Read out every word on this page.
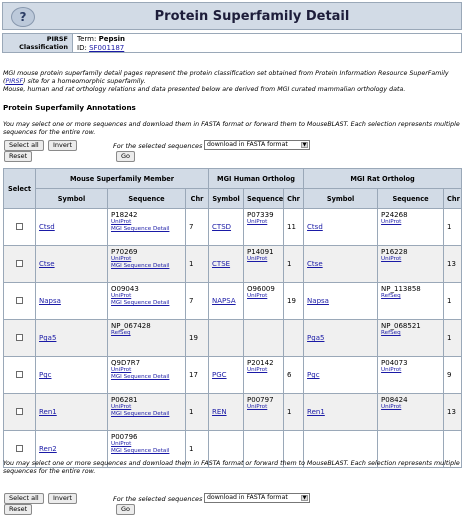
?	Protein Superfamily Detail
PIRSF
Classification
Term: Pepsin
ID: SF001187
MGI mouse protein superfamily detail pages represent the protein classification set obtained from Protein Information Resource SuperFamily (PIRSF) site for a homeomorphic superfamily.
Mouse, human and rat orthology relations and data presented below are derived from MGI curated mammalian orthology data.
Protein Superfamily Annotations
You may select one or more sequences and download them in FASTA format or forward them to MouseBLAST. Each selection represents multiple sequences for the entire row.
Select all	Invert
Reset
For the selected sequences download in FASTA format	▼
Go
Select	Mouse Superfamily Member			MGI Human Ortholog			MGI Rat Ortholog		
	Symbol	Sequence	Chr	Symbol	Sequence	Chr	Symbol	Sequence	Chr
	Ctsd	P18242
UniProt
MGI Sequence Detail	7	CTSD	P07339
UniProt	11	Ctsd	P24268
UniProt	1
	Ctse	P70269
UniProt
MGI Sequence Detail	1	CTSE	P14091
UniProt	1	Ctse	P16228
UniProt	13
	Napsa	O09043
UniProt
MGI Sequence Detail	7	NAPSA	O96009
UniProt	19	Napsa	NP_113858
RefSeq	1
	Pga5	NP_067428
RefSeq	19				Pga5	NP_068521
RefSeq	1
	Pgc	Q9D7R7
UniProt
MGI Sequence Detail	17	PGC	P20142
UniProt	6	Pgc	P04073
UniProt	9
	Ren1	P06281
UniProt
MGI Sequence Detail	1	REN	P00797
UniProt	1	Ren1	P08424
UniProt	13
	Ren2	P00796
UniProt
MGI Sequence Detail	1						
You may select one or more sequences and download them in FASTA format or forward them to MouseBLAST. Each selection represents multiple sequences for the entire row.
Select all	Invert
Reset
For the selected sequences download in FASTA format	▼
Go
